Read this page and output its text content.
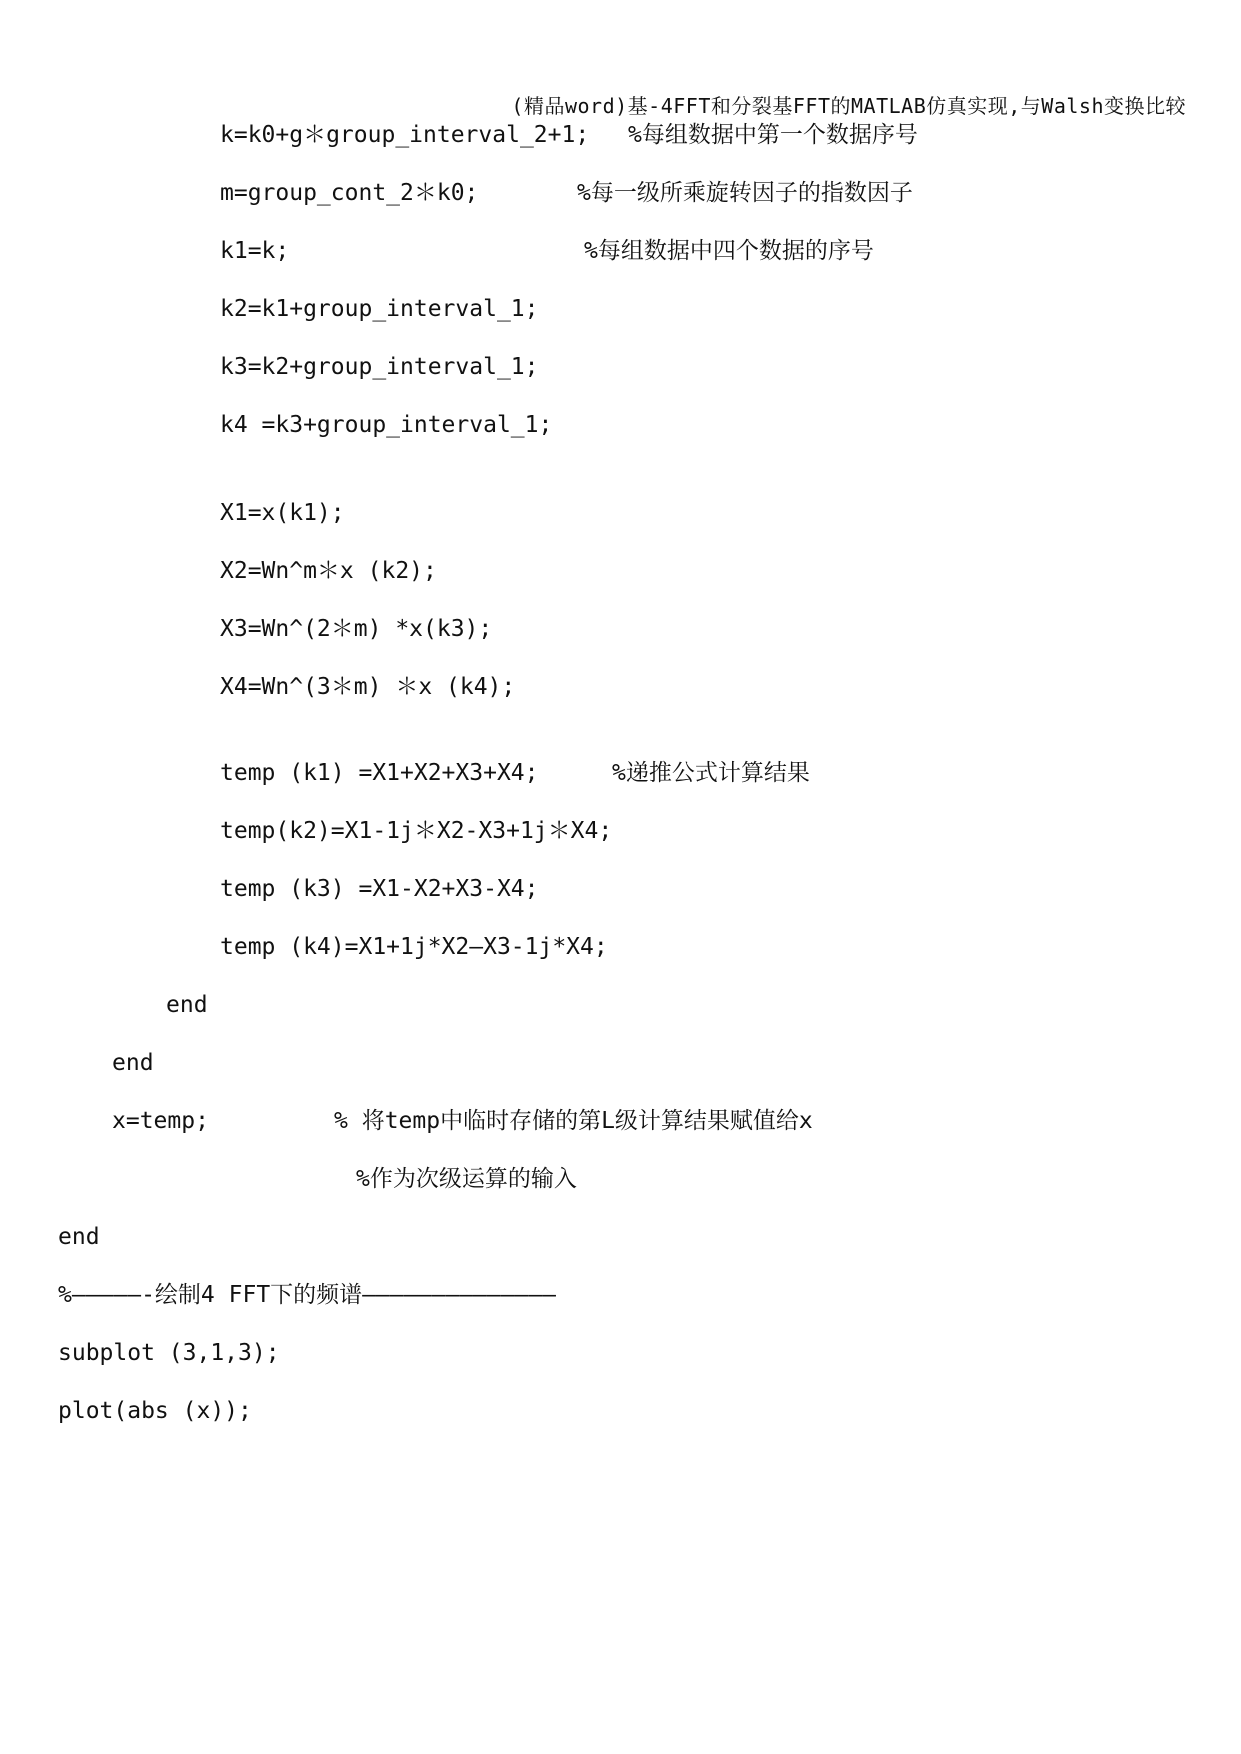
(精品word)基-4FFT和分裂基FFT的MATLAB仿真实现,与Walsh变换比较
k=k0+g＊group_interval_2+1; %每组数据中第一个数据序号
m=group_cont_2＊k0;	%每一级所乘旋转因子的指数因子
k1=k;	%每组数据中四个数据的序号
k2=k1+group_interval_1;
k3=k2+group_interval_1;
k4 =k3+group_interval_1;
X1=x(k1);
X2=Wn^m＊x (k2);
X3=Wn^(2＊m) *x(k3);
X4=Wn^(3＊m) ＊x (k4);
temp (k1) =X1+X2+X3+X4;	%递推公式计算结果
temp(k2)=X1-1j＊X2-X3+1j＊X4;
temp (k3) =X1-X2+X3-X4;
temp (k4)=X1+1j*X2—X3-1j*X4;
end
end
x=temp;	% 将temp中临时存储的第L级计算结果赋值给x
%作为次级运算的输入
end
%—————-绘制4 FFT下的频谱——————————————
subplot (3,1,3);
plot(abs (x));
